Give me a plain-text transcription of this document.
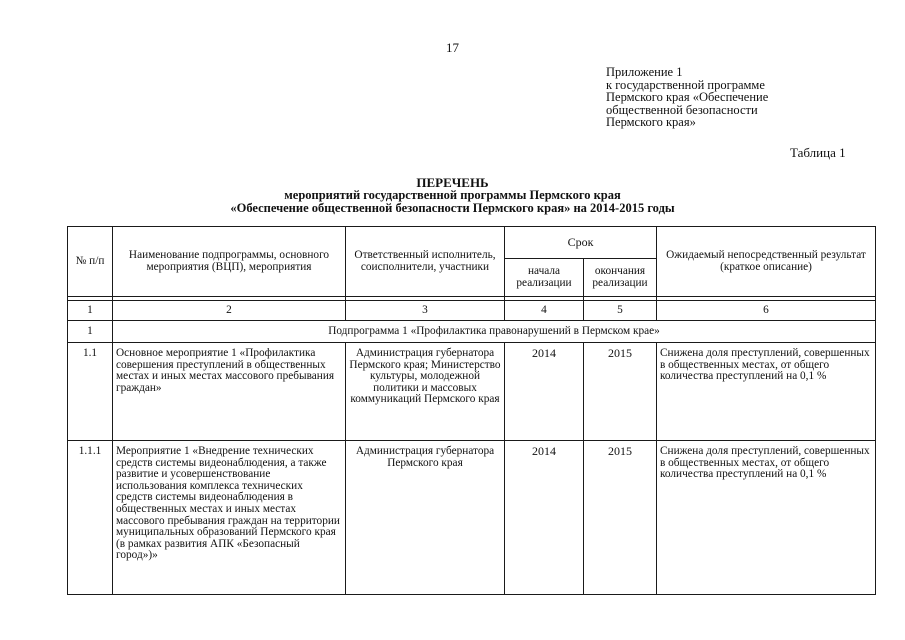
17
Приложение 1
к государственной программе
Пермского края «Обеспечение
общественной безопасности
Пермского края»
Таблица 1
ПЕРЕЧЕНЬ
мероприятий государственной программы Пермского края
«Обеспечение общественной безопасности Пермского края» на 2014-2015 годы
№ п/п	Наименование подпрограммы, основного мероприятия (ВЦП), мероприятия	Ответственный исполнитель, соисполнители, участники	Срок		Ожидаемый непосредственный результат (краткое описание)
			начала реализации	окончания реализации	

1	2	3	4	5	6
1	Подпрограмма 1 «Профилактика правонарушений в Пермском крае»				
1.1	Основное мероприятие 1 «Профилактика совершения преступлений в общественных местах и иных местах массового пребывания граждан»	Администрация губернатора Пермского края; Министерство культуры, молодежной политики и массовых коммуникаций Пермского края	2014	2015	Снижена доля преступлений, совершенных в общественных местах, от общего количества преступлений на 0,1 %
1.1.1	Мероприятие 1 «Внедрение технических средств системы видеонаблюдения, а также развитие и усовершенствование использования комплекса технических средств системы видеонаблюдения в общественных местах и иных местах массового пребывания граждан на территории муниципальных образований Пермского края (в рамках развития АПК «Безопасный город»)»	Администрация губернатора Пермского края	2014	2015	Снижена доля преступлений, совершенных в общественных местах, от общего количества преступлений на 0,1 %
